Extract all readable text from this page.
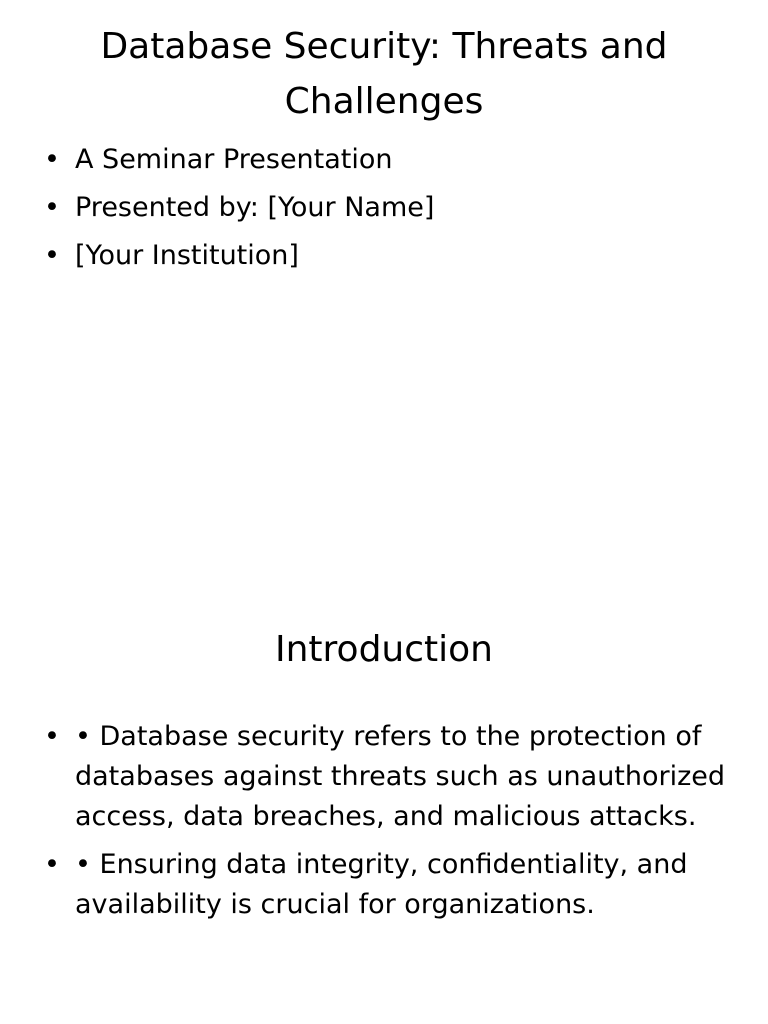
Database Security: Threats and Challenges
• A Seminar Presentation
• Presented by: [Your Name]
• [Your Institution]
Introduction
• • Database security refers to the protection of databases against threats such as unauthorized access, data breaches, and malicious attacks.
• • Ensuring data integrity, confidentiality, and availability is crucial for organizations.
